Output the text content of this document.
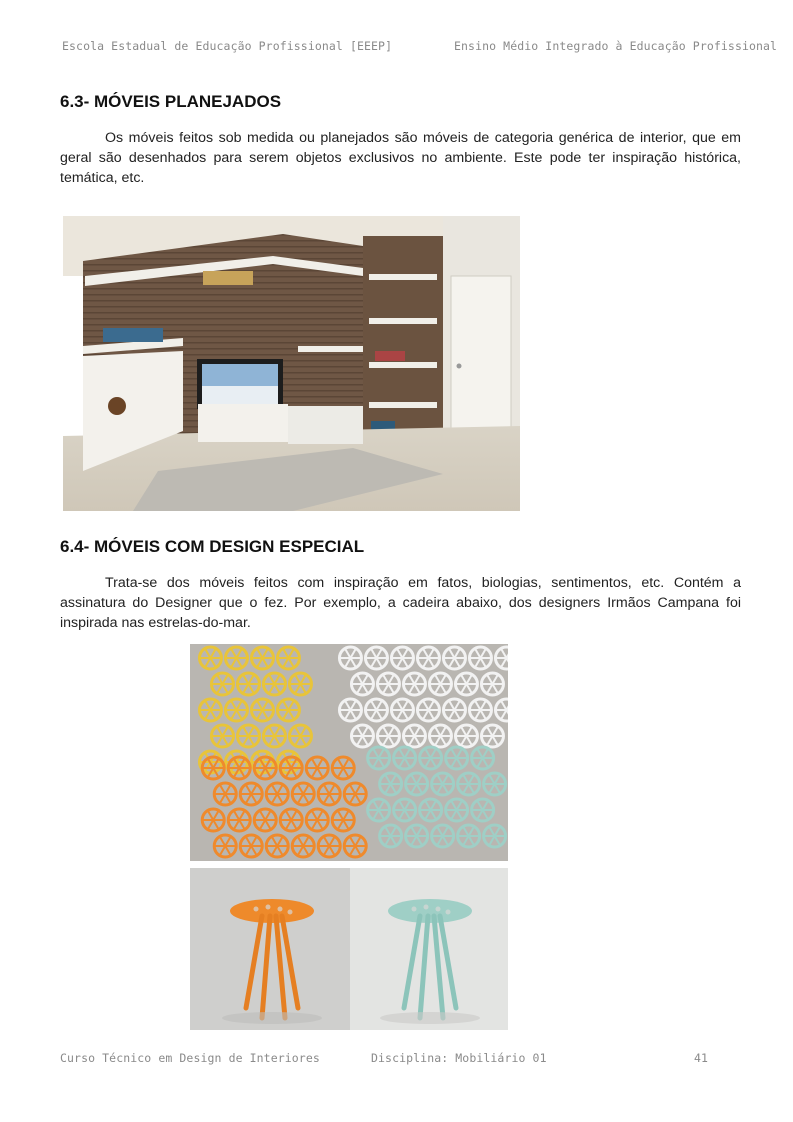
Escola Estadual de Educação Profissional [EEEP]	Ensino Médio Integrado à Educação Profissional
6.3- MÓVEIS PLANEJADOS

Os móveis feitos sob medida ou planejados são móveis de categoria genérica de interior, que em geral são desenhados para serem objetos exclusivos no ambiente. Este pode ter inspiração histórica, temática, etc.

6.4- MÓVEIS COM DESIGN ESPECIAL

Trata-se dos móveis feitos com inspiração em fatos, biologias, sentimentos, etc. Contém a assinatura do Designer que o fez. Por exemplo, a cadeira abaixo, dos designers Irmãos Campana foi inspirada nas estrelas-do-mar.

Curso Técnico em Design de Interiores	Disciplina: Mobiliário 01	41
